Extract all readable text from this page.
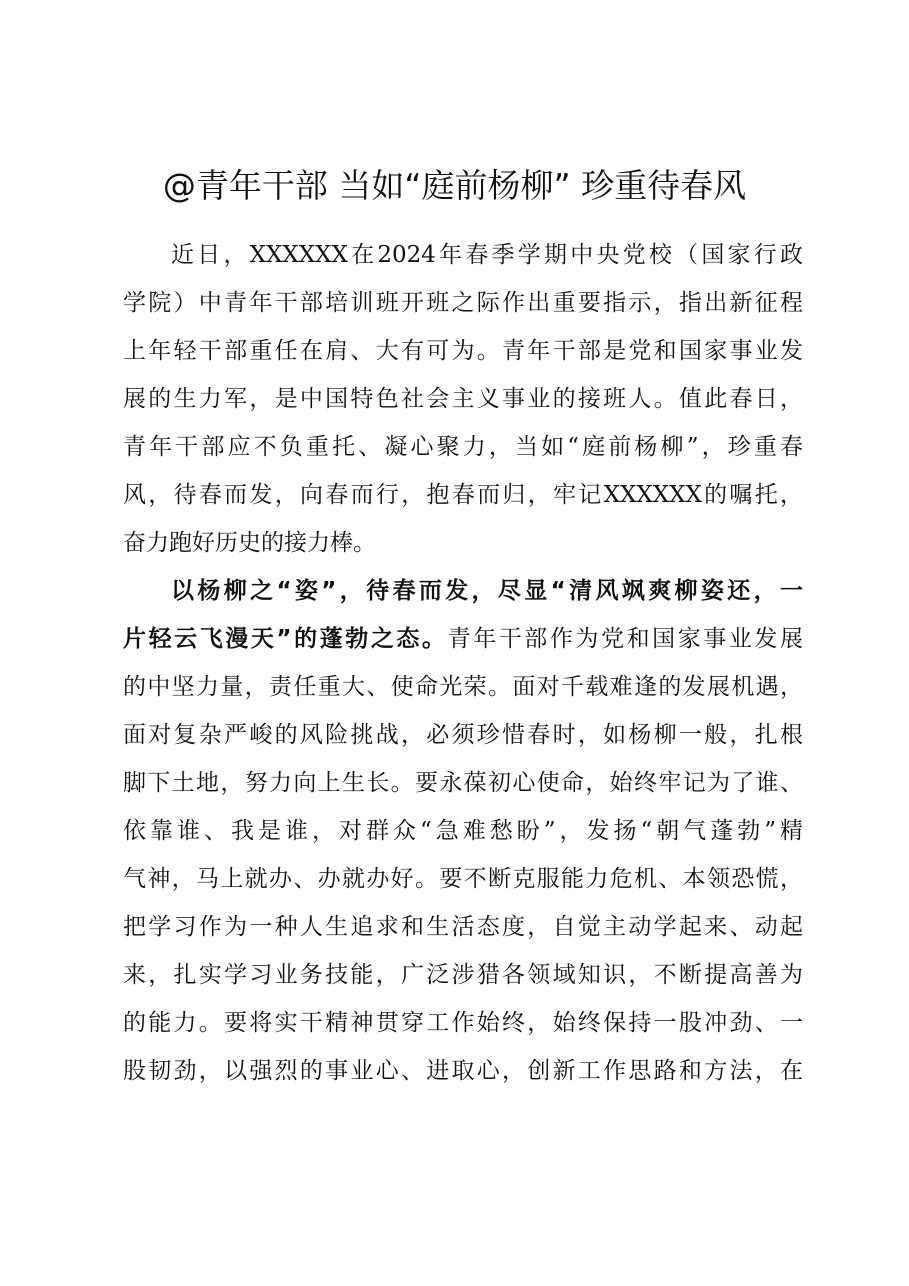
@青年干部 当如“庭前杨柳” 珍重待春风
近日，XXXXXX在2024年春季学期中央党校（国家行政
学院）中青年干部培训班开班之际作出重要指示，指出新征程
上年轻干部重任在肩、大有可为。青年干部是党和国家事业发
展的生力军，是中国特色社会主义事业的接班人。值此春日，
青年干部应不负重托、凝心聚力，当如“庭前杨柳”，珍重春
风，待春而发，向春而行，抱春而归，牢记XXXXXX的嘱托，
奋力跑好历史的接力棒。
以杨柳之“姿”，待春而发，尽显“清风飒爽柳姿还，一
片轻云飞漫天”的蓬勃之态。青年干部作为党和国家事业发展
的中坚力量，责任重大、使命光荣。面对千载难逢的发展机遇，
面对复杂严峻的风险挑战，必须珍惜春时，如杨柳一般，扎根
脚下土地，努力向上生长。要永葆初心使命，始终牢记为了谁、
依靠谁、我是谁，对群众“急难愁盼”，发扬“朝气蓬勃”精
气神，马上就办、办就办好。要不断克服能力危机、本领恐慌，
把学习作为一种人生追求和生活态度，自觉主动学起来、动起
来，扎实学习业务技能，广泛涉猎各领域知识，不断提高善为
的能力。要将实干精神贯穿工作始终，始终保持一股冲劲、一
股韧劲，以强烈的事业心、进取心，创新工作思路和方法，在
